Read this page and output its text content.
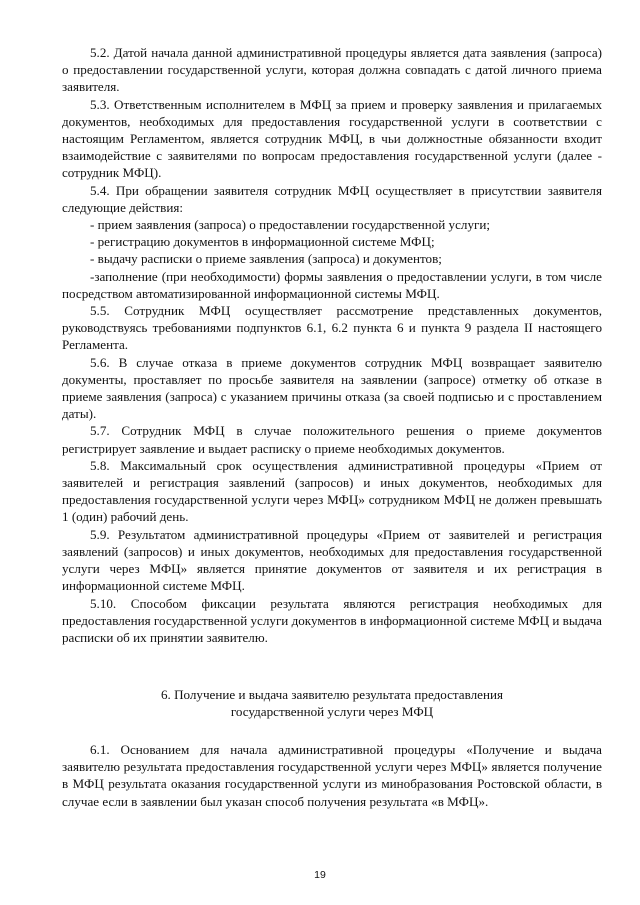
5.2. Датой начала данной административной процедуры является дата заявления (запроса) о предоставлении государственной услуги, которая должна совпадать с датой личного приема заявителя.

5.3. Ответственным исполнителем в МФЦ за прием и проверку заявления и прилагаемых документов, необходимых для предоставления государственной услуги в соответствии с настоящим Регламентом, является сотрудник МФЦ, в чьи должностные обязанности входит взаимодействие с заявителями по вопросам предоставления государственной услуги (далее - сотрудник МФЦ).

5.4. При обращении заявителя сотрудник МФЦ осуществляет в присутствии заявителя следующие действия:

- прием заявления (запроса) о предоставлении государственной услуги;

- регистрацию документов в информационной системе МФЦ;

- выдачу расписки о приеме заявления (запроса) и документов;

-заполнение (при необходимости) формы заявления о предоставлении услуги, в том числе посредством автоматизированной информационной системы МФЦ.

5.5. Сотрудник МФЦ осуществляет рассмотрение представленных документов, руководствуясь требованиями подпунктов 6.1, 6.2 пункта 6 и пункта 9 раздела II настоящего Регламента.

5.6. В случае отказа в приеме документов сотрудник МФЦ возвращает заявителю документы, проставляет по просьбе заявителя на заявлении (запросе) отметку об отказе в приеме заявления (запроса) с указанием причины отказа (за своей подписью и с проставлением даты).

5.7. Сотрудник МФЦ в случае положительного решения о приеме документов регистрирует заявление и выдает расписку о приеме необходимых документов.

5.8. Максимальный срок осуществления административной процедуры «Прием от заявителей и регистрация заявлений (запросов) и иных документов, необходимых для предоставления государственной услуги через МФЦ» сотрудником МФЦ не должен превышать 1 (один) рабочий день.

5.9. Результатом административной процедуры «Прием от заявителей и регистрация заявлений (запросов) и иных документов, необходимых для предоставления государственной услуги через МФЦ» является принятие документов от заявителя и их регистрация в информационной системе МФЦ.

5.10. Способом фиксации результата являются регистрация необходимых для предоставления государственной услуги документов в информационной системе МФЦ и выдача расписки об их принятии заявителю.

6. Получение и выдача заявителю результата предоставления
государственной услуги через МФЦ

6.1. Основанием для начала административной процедуры «Получение и выдача заявителю результата предоставления государственной услуги через МФЦ» является получение в МФЦ результата оказания государственной услуги из минобразования Ростовской области, в случае если в заявлении был указан способ получения результата «в МФЦ».

19
